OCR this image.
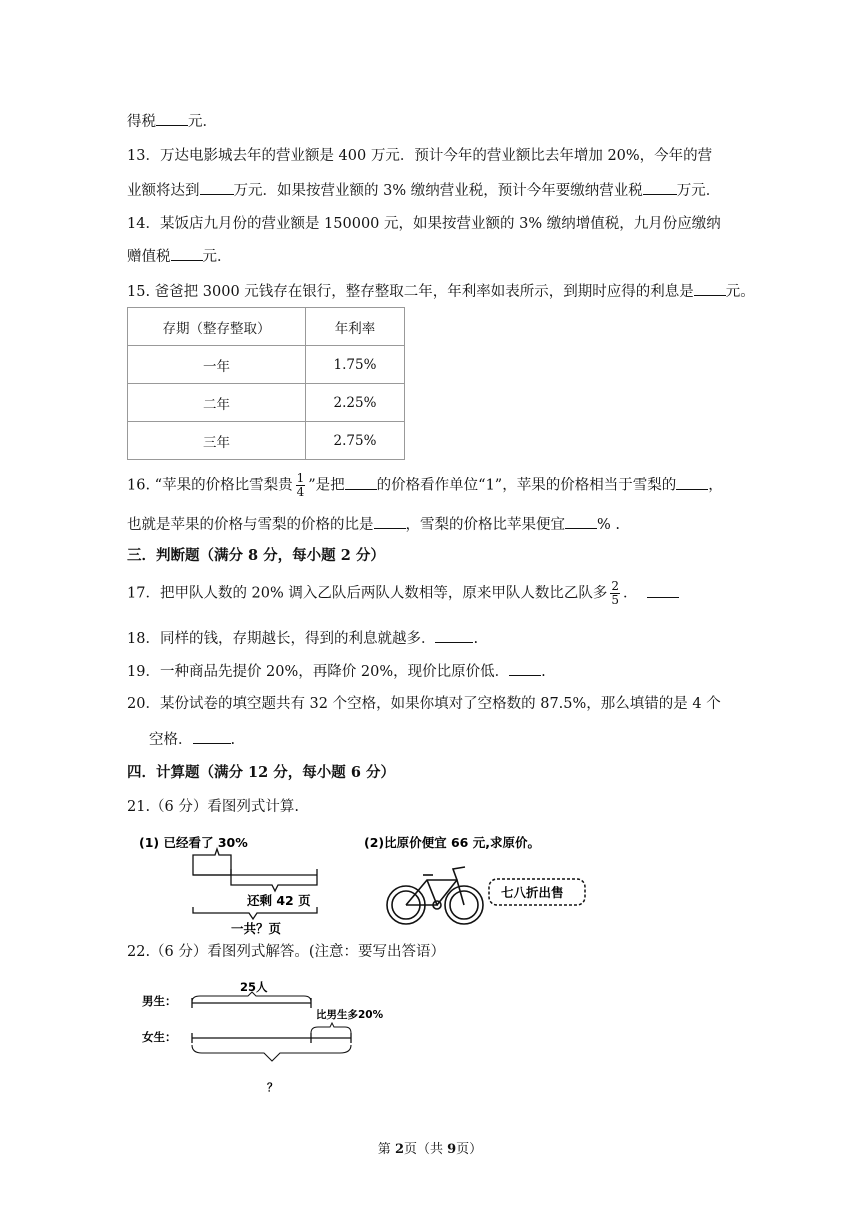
得税 元．
13．万达电影城去年的营业额是 400 万元．预计今年的营业额比去年增加 20%，今年的营
业额将达到 万元．如果按营业额的 3% 缴纳营业税，预计今年要缴纳营业税 万元．
14．某饭店九月份的营业额是 150000 元，如果按营业额的 3% 缴纳增值税，九月份应缴纳
赠值税 元．
15. 爸爸把 3000 元钱存在银行，整存整取二年，年利率如表所示，到期时应得的利息是 元。
存期（整存整取）	年利率
一年	1.75%
二年	2.25%
三年	2.75%
16. “苹果的价格比雪梨贵 $\frac{1}{4}$ ”是把 的价格看作单位“1”，苹果的价格相当于雪梨的 ，
也就是苹果的价格与雪梨的价格的比是 ，雪梨的价格比苹果便宜 % .
三．判断题（满分 8 分，每小题 2 分）
17．把甲队人数的 20% 调入乙队后两队人数相等，原来甲队人数比乙队多 $\frac{2}{5}$ ．
18．同样的钱，存期越长，得到的利息就越多．	.
19．一种商品先提价 20%，再降价 20%，现价比原价低． .
20．某份试卷的填空题共有 32 个空格，如果你填对了空格数的 87.5%，那么填错的是 4 个
空格．	.
四．计算题（满分 12 分，每小题 6 分）
21.（6 分）看图列式计算.
(1) 已经看了 30%
还剩 42 页
一共？页
(2)比原价便宜 66 元,求原价。
七八折出售
22.（6 分）看图列式解答。(注意：要写出答语）
男生：
25人
比男生多20%
女生：
？
第 2页（共 9页）
